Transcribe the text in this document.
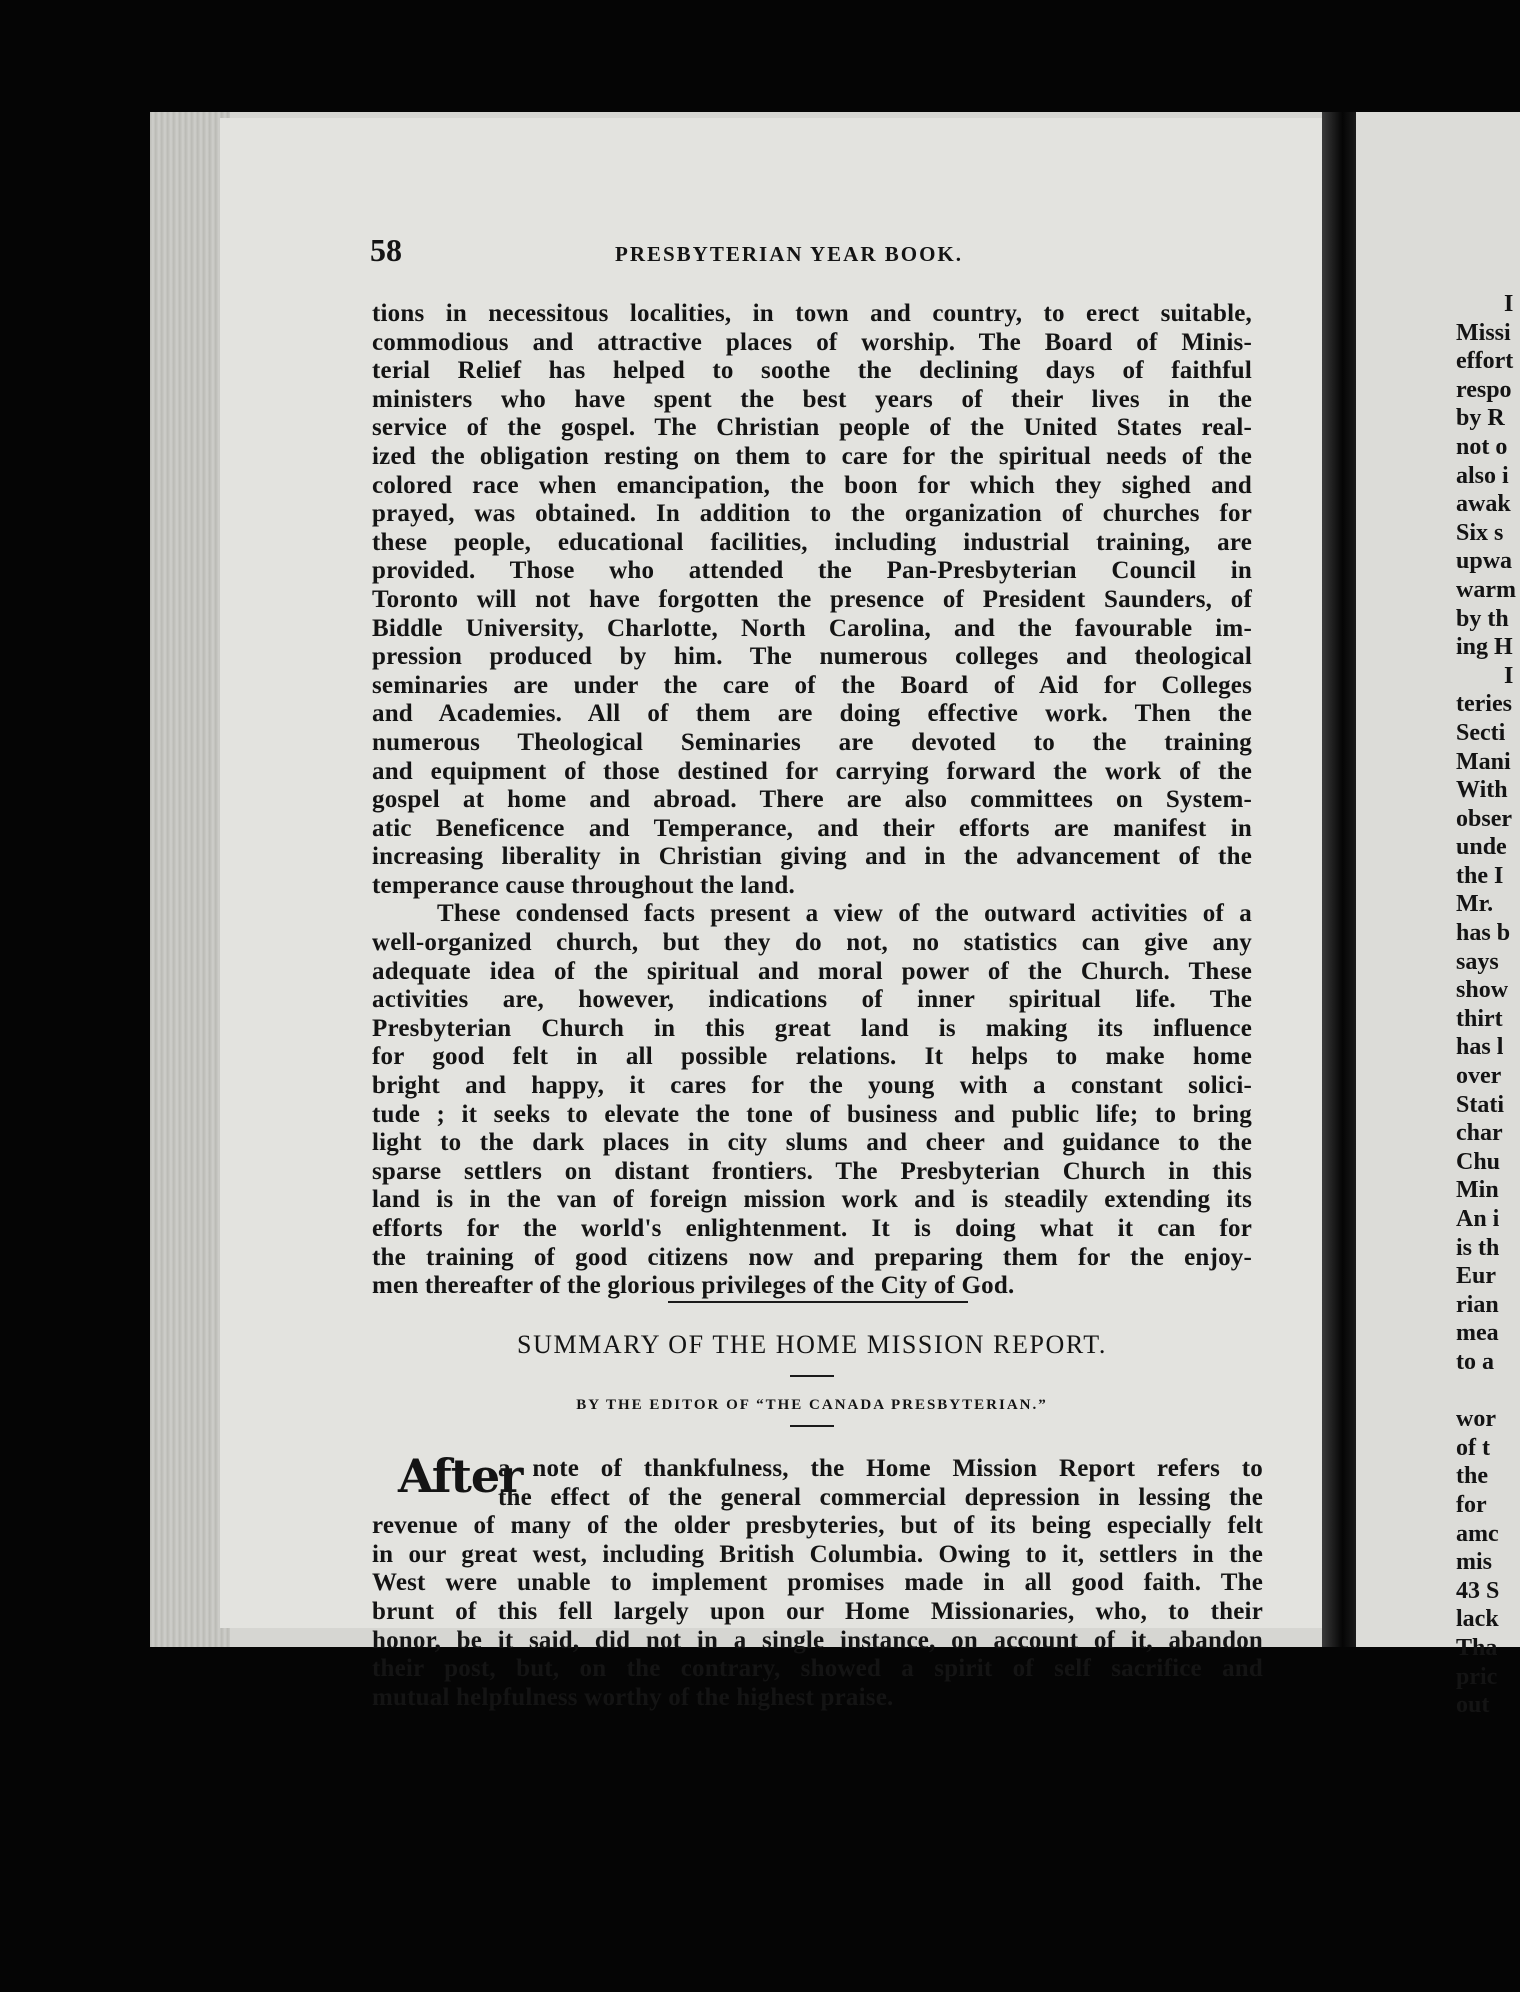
58	PRESBYTERIAN YEAR BOOK.
tions in necessitous localities, in town and country, to erect suitable,
commodious and attractive places of worship. The Board of Minis-
terial Relief has helped to soothe the declining days of faithful
ministers who have spent the best years of their lives in the
service of the gospel. The Christian people of the United States real-
ized the obligation resting on them to care for the spiritual needs of the
colored race when emancipation, the boon for which they sighed and
prayed, was obtained. In addition to the organization of churches for
these people, educational facilities, including industrial training, are
provided. Those who attended the Pan-Presbyterian Council in
Toronto will not have forgotten the presence of President Saunders, of
Biddle University, Charlotte, North Carolina, and the favourable im-
pression produced by him. The numerous colleges and theological
seminaries are under the care of the Board of Aid for Colleges
and Academies. All of them are doing effective work. Then the
numerous Theological Seminaries are devoted to the training
and equipment of those destined for carrying forward the work of the
gospel at home and abroad. There are also committees on System-
atic Beneficence and Temperance, and their efforts are manifest in
increasing liberality in Christian giving and in the advancement of the
temperance cause throughout the land.
These condensed facts present a view of the outward activities of a
well-organized church, but they do not, no statistics can give any
adequate idea of the spiritual and moral power of the Church. These
activities are, however, indications of inner spiritual life. The
Presbyterian Church in this great land is making its influence
for good felt in all possible relations. It helps to make home
bright and happy, it cares for the young with a constant solici-
tude ; it seeks to elevate the tone of business and public life; to bring
light to the dark places in city slums and cheer and guidance to the
sparse settlers on distant frontiers. The Presbyterian Church in this
land is in the van of foreign mission work and is steadily extending its
efforts for the world's enlightenment. It is doing what it can for
the training of good citizens now and preparing them for the enjoy-
men thereafter of the glorious privileges of the City of God.
SUMMARY OF THE HOME MISSION REPORT.
BY THE EDITOR OF “THE CANADA PRESBYTERIAN.”
After
a note of thankfulness, the Home Mission Report refers to
the effect of the general commercial depression in lessing the
revenue of many of the older presbyteries, but of its being especially felt
in our great west, including British Columbia. Owing to it, settlers in the
West were unable to implement promises made in all good faith. The
brunt of this fell largely upon our Home Missionaries, who, to their
honor, be it said, did not in a single instance, on account of it, abandon
their post, but, on the contrary, showed a spirit of self sacrifice and
mutual helpfulness worthy of the highest praise.
I
Missi
effort
respo
by R
not o
also i
awak
Six s
upwa
warm
by th
ing H
I
teries
Secti
Mani
With
obser
unde
the I
Mr.
has b
says
show
thirt
has l
over
Stati
char
Chu
Min
An i
is th
Eur
rian
mea
to a
wor
of t
the
for
amc
mis
43 S
lack
Tha
pric
out
